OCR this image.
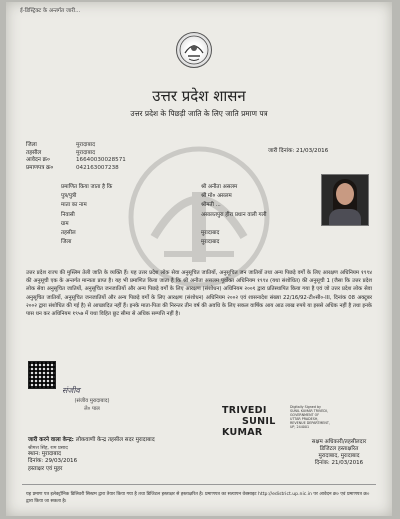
ई-डिस्ट्रिक्ट के अन्तर्गत जारी...
उत्तर प्रदेश शासन
उत्तर प्रदेश के पिछड़ी जाति के लिए जाति प्रमाण पत्र
जिला	मुरादाबाद
तहसील	मुरादाबाद
आवेदन क्र०	16640030028571
प्रमाणपत्र क्र०	042163007238
जारी दिनांक: 21/03/2016
प्रमाणित किया जाता है कि	श्री अनीता असलम
पुत्र/पुत्री	श्री मो० असलम
माता का नाम	श्रीमती ...
निवासी	असालतपुरा हीरा प्रधान वाली गली
ग्राम
तहसील	मुरादाबाद
जिला	मुरादाबाद
उत्तर प्रदेश राज्य की मुस्लिम तेली जाति के व्यक्ति हैं। यह उत्तर प्रदेश लोक सेवा अनुसूचित जातियों, अनुसूचित जन जातियों तथा अन्य पिछड़े वर्गों के लिए आरक्षण अधिनियम १९९४ की अनुसूची एक के अन्तर्गत मान्यता प्राप्त है। यह भी प्रमाणित किया जाता है कि श्री अनीता असलम पूर्वोक्त अधिनियम १९९४ (यथा संशोधित) की अनुसूची 1 (जैसा कि उत्तर प्रदेश लोक सेवा अनुसूचित जातियों, अनुसूचित जनजातियों और अन्य पिछड़े वर्गों के लिए आरक्षण (संशोधन) अधिनियम २००१ द्वारा प्रतिस्थापित किया गया है एवं जो उत्तर प्रदेश लोक सेवा अनुसूचित जातियों, अनुसूचित जनजातियों और अन्य पिछड़े वर्गों के लिए आरक्षण (संशोधन) अधिनियम २००२ एवं शासनादेश संख्या 22/16/92-टी०सी०-III, दिनांक 08 अक्टूबर २००२ द्वारा संशोधित की गई है) से आच्छादित नहीं हैं। इनके माता-पिता की निरन्तर तीन वर्ष की अवधि के लिए सकल वार्षिक आय आठ लाख रुपये या इससे अधिक नहीं है तथा इनके पास धन कर अधिनियम १९५७ में यथा विहित छूट सीमा से अधिक सम्पत्ति नहीं है।
संजीव
(संजीव मुरादाबाद)
ले० पाल
जारी करने वाला केन्द्र: लोकवाणी केन्द्र तहसील सदर मुरादाबाद
श्रीमत्त सिंह, राम प्रसाद
स्थान: मुरादाबाद
दिनांक: 29/03/2016
हस्ताक्षर एवं मुहर
TRIVEDI
SUNIL
KUMAR
Digitally Signed by SUNIL KUMAR TRIVEDI, GOVERNMENT OF UTTAR PRADESH, REVENUE DEPARTMENT, UP, 244001
सक्षम अधिकारी/तहसीलदार
डिजिटल हस्ताक्षरित
मुरादाबाद, मुरादाबाद
दिनांक: 21/03/2016
यह प्रमाण पत्र इलेक्ट्रॉनिक डिलिवरी सिस्टम द्वारा तैयार किया गया है तथा डिजिटल हस्ताक्षर से हस्ताक्षरित है। प्रमाणपत्र का सत्यापन वेबसाइट http://edistrict.up.nic.in पर आवेदन क्र० एवं प्रमाणपत्र क्र० द्वारा किया जा सकता है।
